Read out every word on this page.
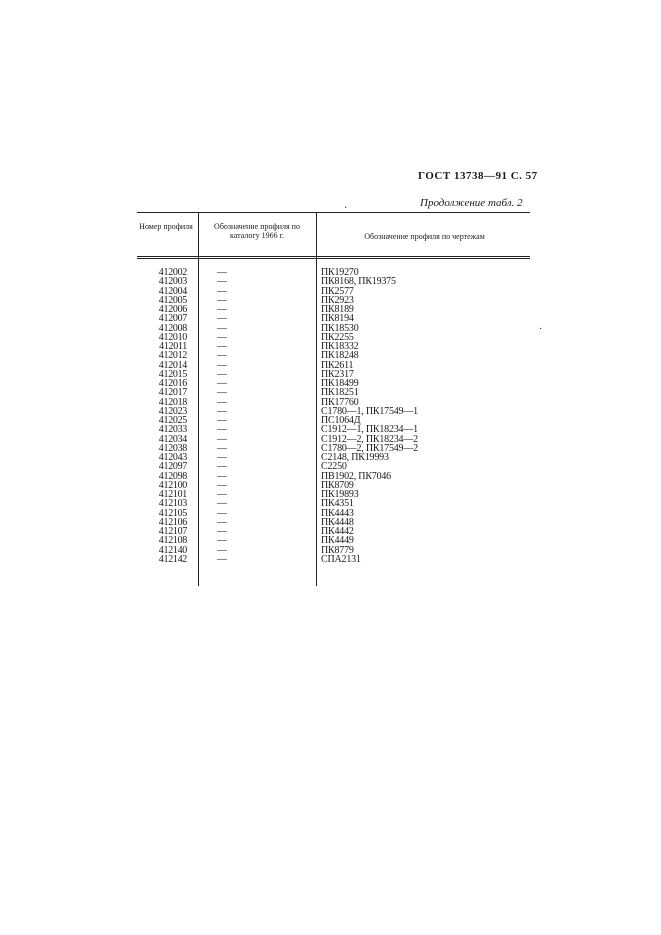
ГОСТ 13738—91 С. 57
Продолжение табл. 2
·
·
Номер профиля	Обозначение профиля по каталогу 1966 г.	Обозначение профиля по чертежам
412002	—	ПК19270
412003	—	ПК8168, ПК19375
412004	—	ПК2577
412005	—	ПК2923
412006	—	ПК8189
412007	—	ПК8194
412008	—	ПК18530
412010	—	ПК2255
412011	—	ПК18332
412012	—	ПК18248
412014	—	ПК2611
412015	—	ПК2317
412016	—	ПК18499
412017	—	ПК18251
412018	—	ПК17760
412023	—	С1780—1, ПК17549—1
412025	—	ПС1064Д
412033	—	С1912—1, ПК18234—1
412034	—	С1912—2, ПК18234—2
412038	—	С1780—2, ПК17549—2
412043	—	С2148, ПК19993
412097	—	С2250
412098	—	ПВ1902, ПК7046
412100	—	ПК8709
412101	—	ПК19893
412103	—	ПК4351
412105	—	ПК4443
412106	—	ПК4448
412107	—	ПК4442
412108	—	ПК4449
412140	—	ПК8779
412142	—	СПА2131
